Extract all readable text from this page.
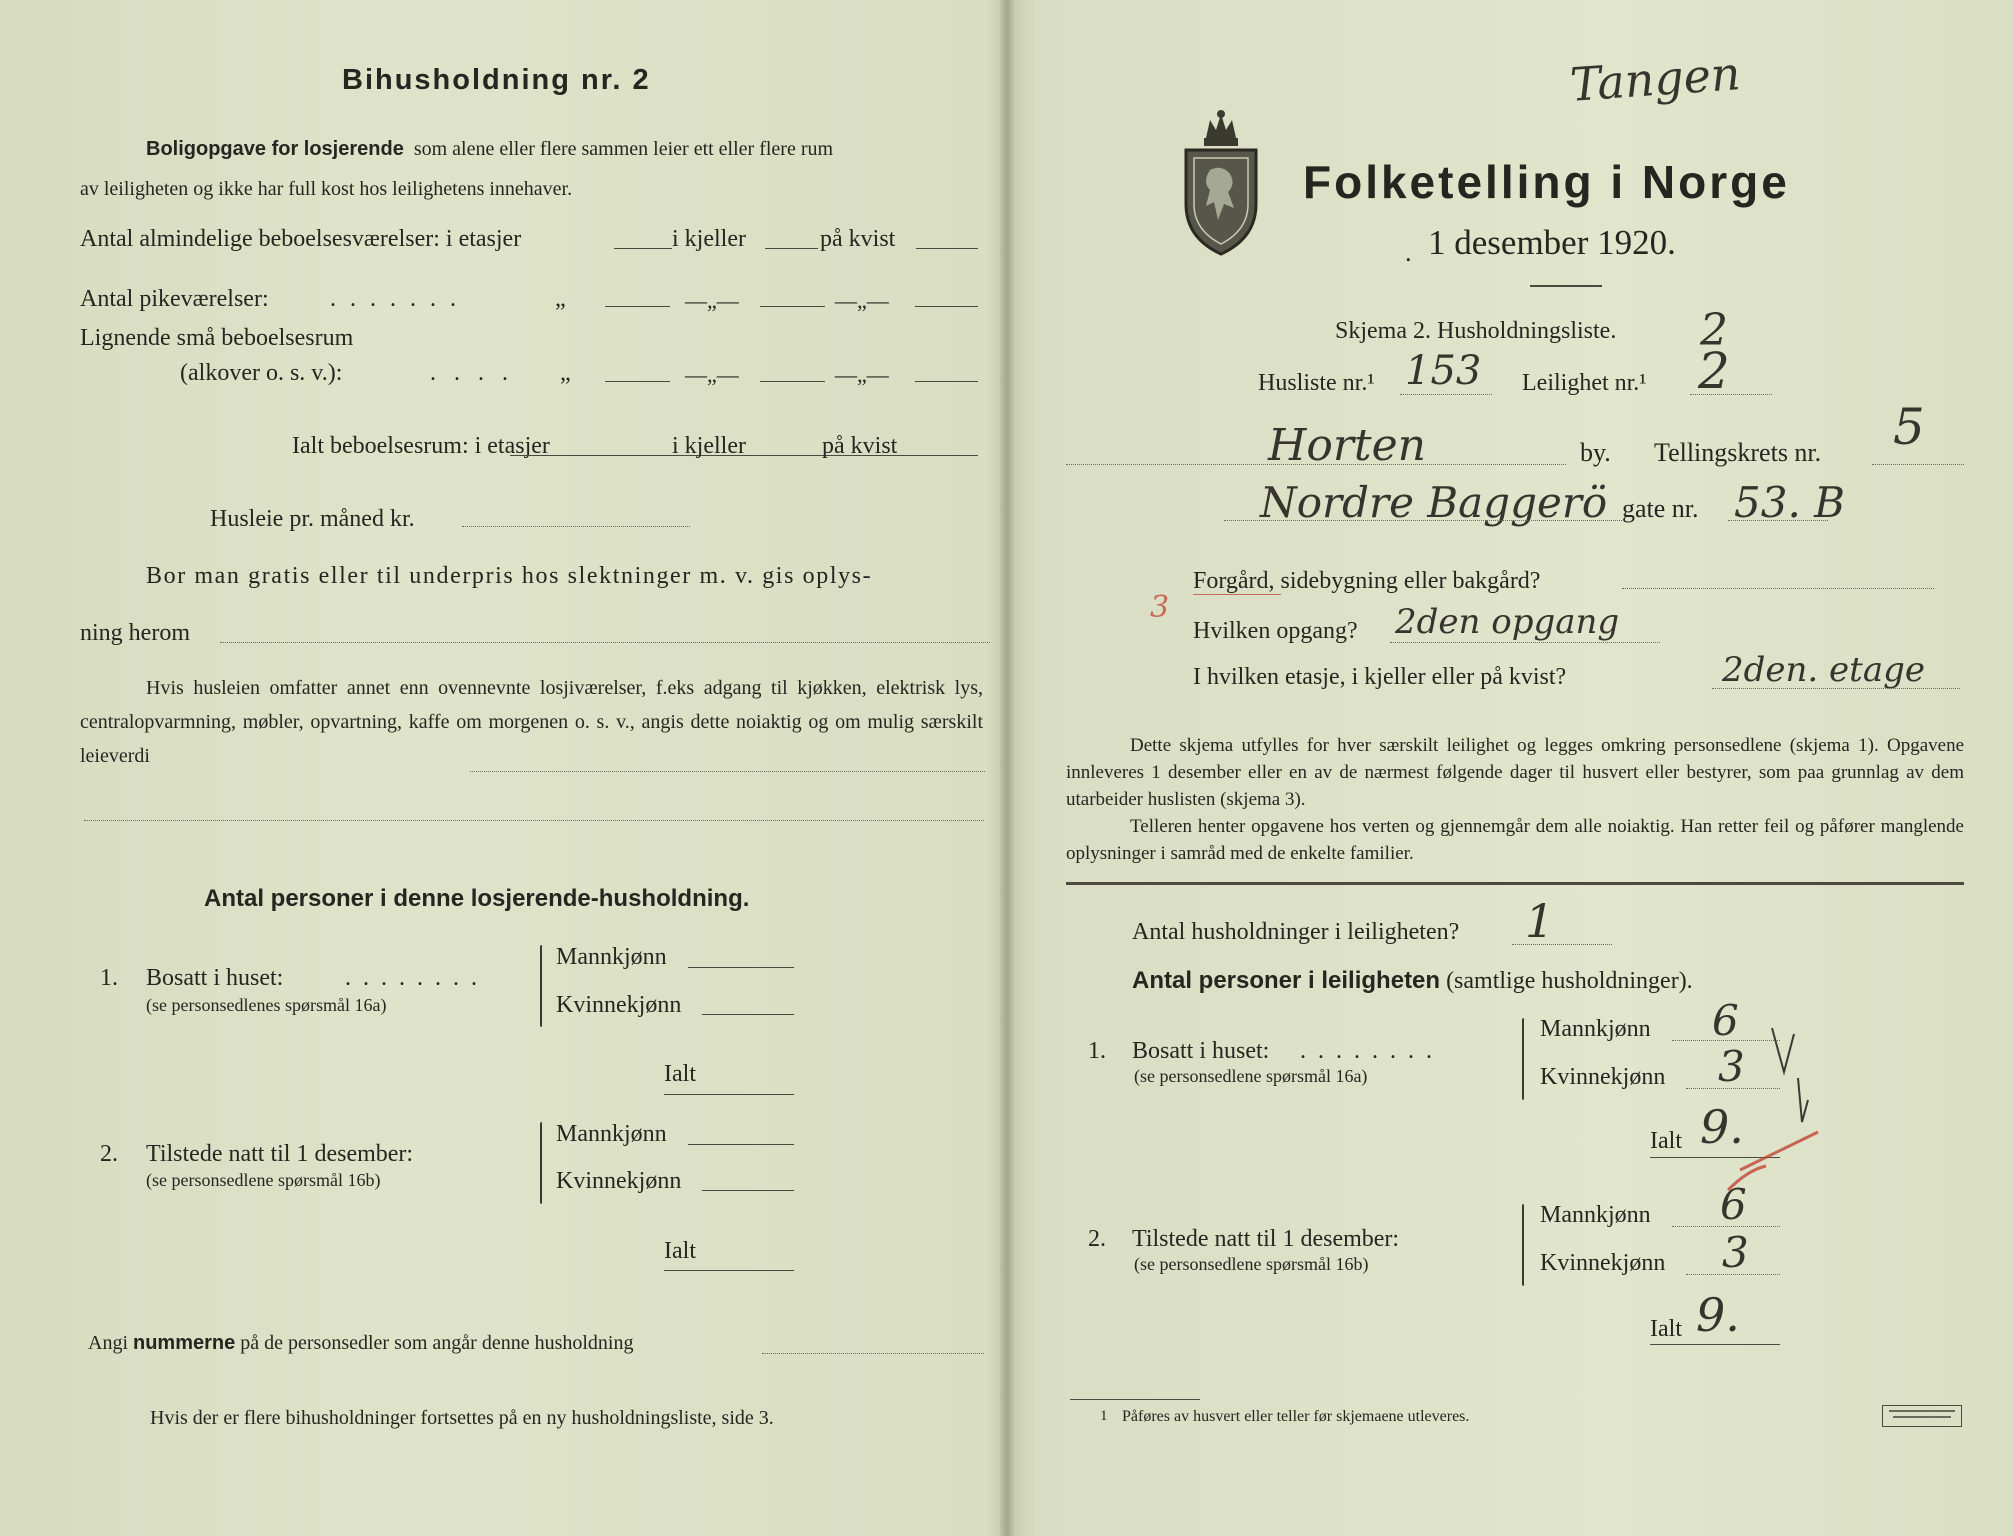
Bihusholdning nr. 2
Boligopgave for losjerende som alene eller flere sammen leier ett eller flere rum
av leiligheten og ikke har full kost hos leilighetens innehaver.
Antal almindelige beboelsesværelser: i etasjer	i kjeller	på kvist
Antal pikeværelser:	. . . . . . .	„	—„—	—„—
Lignende små beboelsesrum
(alkover o. s. v.):	. . . . „	—„—	—„—
Ialt beboelsesrum: i etasjer	i kjeller	på kvist
Husleie pr. måned kr.
Bor man gratis eller til underpris hos slektninger m. v. gis oplys-
ning herom
Hvis husleien omfatter annet enn ovennevnte losjiværelser, f.eks adgang til kjøkken, elektrisk lys, centralopvarmning, møbler, opvartning, kaffe om morgenen o. s. v., angis dette noiaktig og om mulig særskilt leieverdi
Antal personer i denne losjerende-husholdning.
1. Bosatt i huset:	. . . . . . . .
(se personsedlenes spørsmål 16a)
Mannkjønn
Kvinnekjønn
Ialt
2. Tilstede natt til 1 desember:
(se personsedlene spørsmål 16b)
Mannkjønn
Kvinnekjønn
Ialt
Angi nummerne på de personsedler som angår denne husholdning
Hvis der er flere bihusholdninger fortsettes på en ny husholdningsliste, side 3.
Tangen
Folketelling i Norge
1 desember 1920.
.
Skjema 2. Husholdningsliste. 2
Husliste nr.¹ 153 Leilighet nr.¹ 2
Horten	by. Tellingskrets nr. 5
Nordre Baggerö gate nr. 53. B
3
Forgård, sidebygning eller bakgård?
Hvilken opgang? 2den opgang
I hvilken etasje, i kjeller eller på kvist?	2den. etage
Dette skjema utfylles for hver særskilt leilighet og legges omkring personsedlene (skjema 1). Opgavene innleveres 1 desember eller en av de nærmest følgende dager til husvert eller bestyrer, som paa grunnlag av dem utarbeider huslisten (skjema 3).
Telleren henter opgavene hos verten og gjennemgår dem alle noiaktig. Han retter feil og påfører manglende oplysninger i samråd med de enkelte familier.
Antal husholdninger i leiligheten? 1
Antal personer i leiligheten (samtlige husholdninger).
1. Bosatt i huset: . . . . . . . .
(se personsedlene spørsmål 16a)
Mannkjønn 6
Kvinnekjønn 3
Ialt 9.
2. Tilstede natt til 1 desember:
(se personsedlene spørsmål 16b)
Mannkjønn 6
Kvinnekjønn 3
Ialt 9.
1 Påføres av husvert eller teller før skjemaene utleveres.
